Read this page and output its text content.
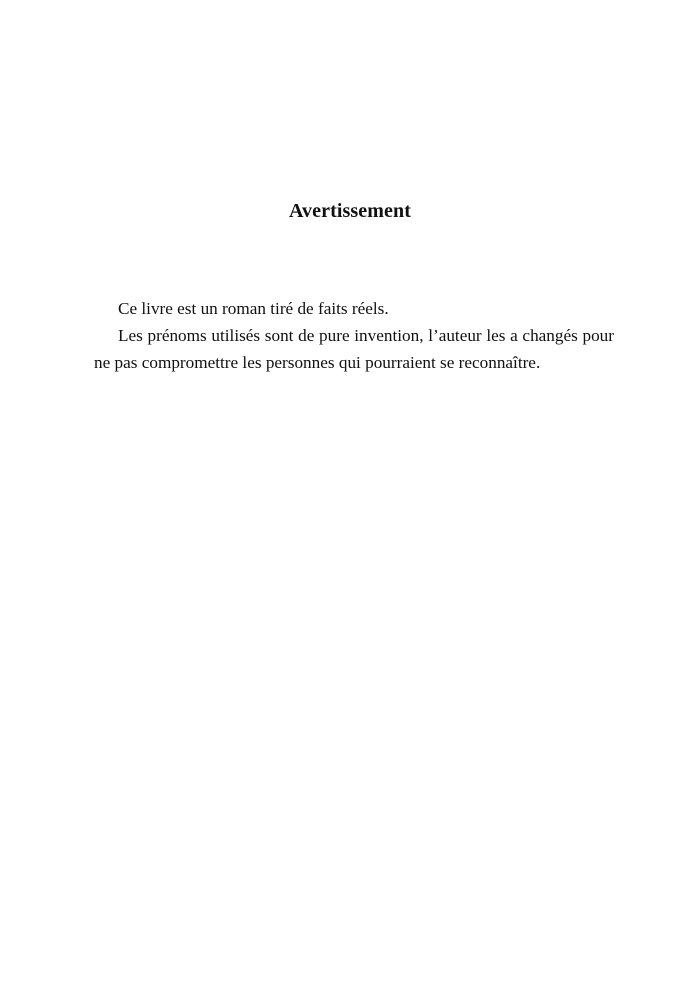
Avertissement

Ce livre est un roman tiré de faits réels.

Les prénoms utilisés sont de pure invention, l’auteur les a changés pour ne pas compromettre les personnes qui pourraient se reconnaître.
